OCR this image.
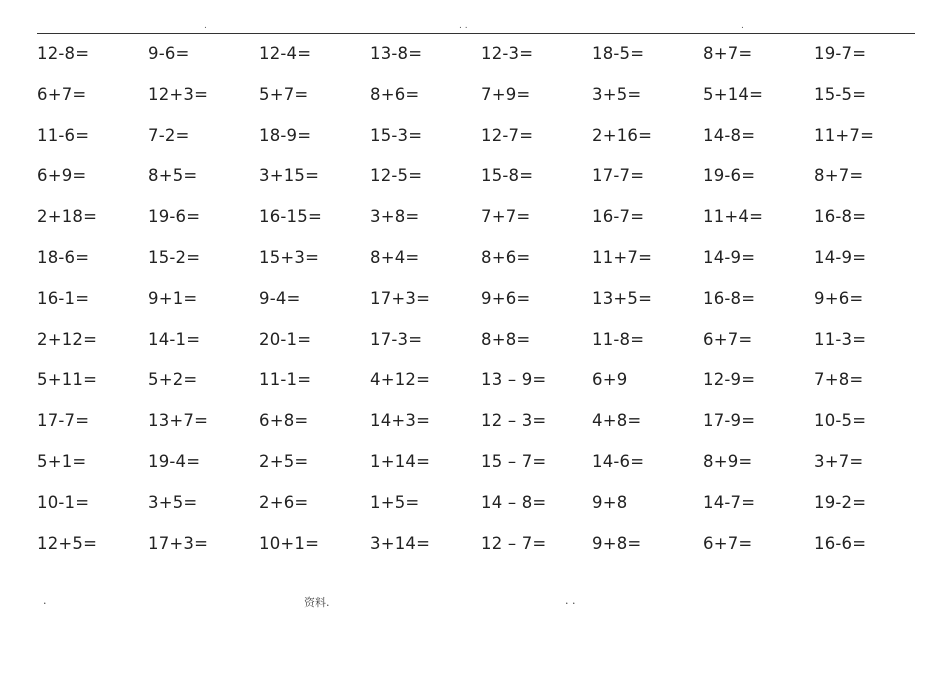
.	. .	.
12-8=	9-6=	12-4=	13-8=	12-3=	18-5=	8+7=	19-7=
6+7=	12+3=	5+7=	8+6=	7+9=	3+5=	5+14=	15-5=
11-6=	7-2=	18-9=	15-3=	12-7=	2+16=	14-8=	11+7=
6+9=	8+5=	3+15=	12-5=	15-8=	17-7=	19-6=	8+7=
2+18=	19-6=	16-15=	3+8=	7+7=	16-7=	11+4=	16-8=
18-6=	15-2=	15+3=	8+4=	8+6=	11+7=	14-9=	14-9=
16-1=	9+1=	9-4=	17+3=	9+6=	13+5=	16-8=	9+6=
2+12=	14-1=	20-1=	17-3=	8+8=	11-8=	6+7=	11-3=
5+11=	5+2=	11-1=	4+12=	13 – 9=	6+9	12-9=	7+8=
17-7=	13+7=	6+8=	14+3=	12 – 3=	4+8=	17-9=	10-5=
5+1=	19-4=	2+5=	1+14=	15 – 7=	14-6=	8+9=	3+7=
10-1=	3+5=	2+6=	1+5=	14 – 8=	9+8	14-7=	19-2=
12+5=	17+3=	10+1=	3+14=	12 – 7=	9+8=	6+7=	16-6=
.	资料.	. .
